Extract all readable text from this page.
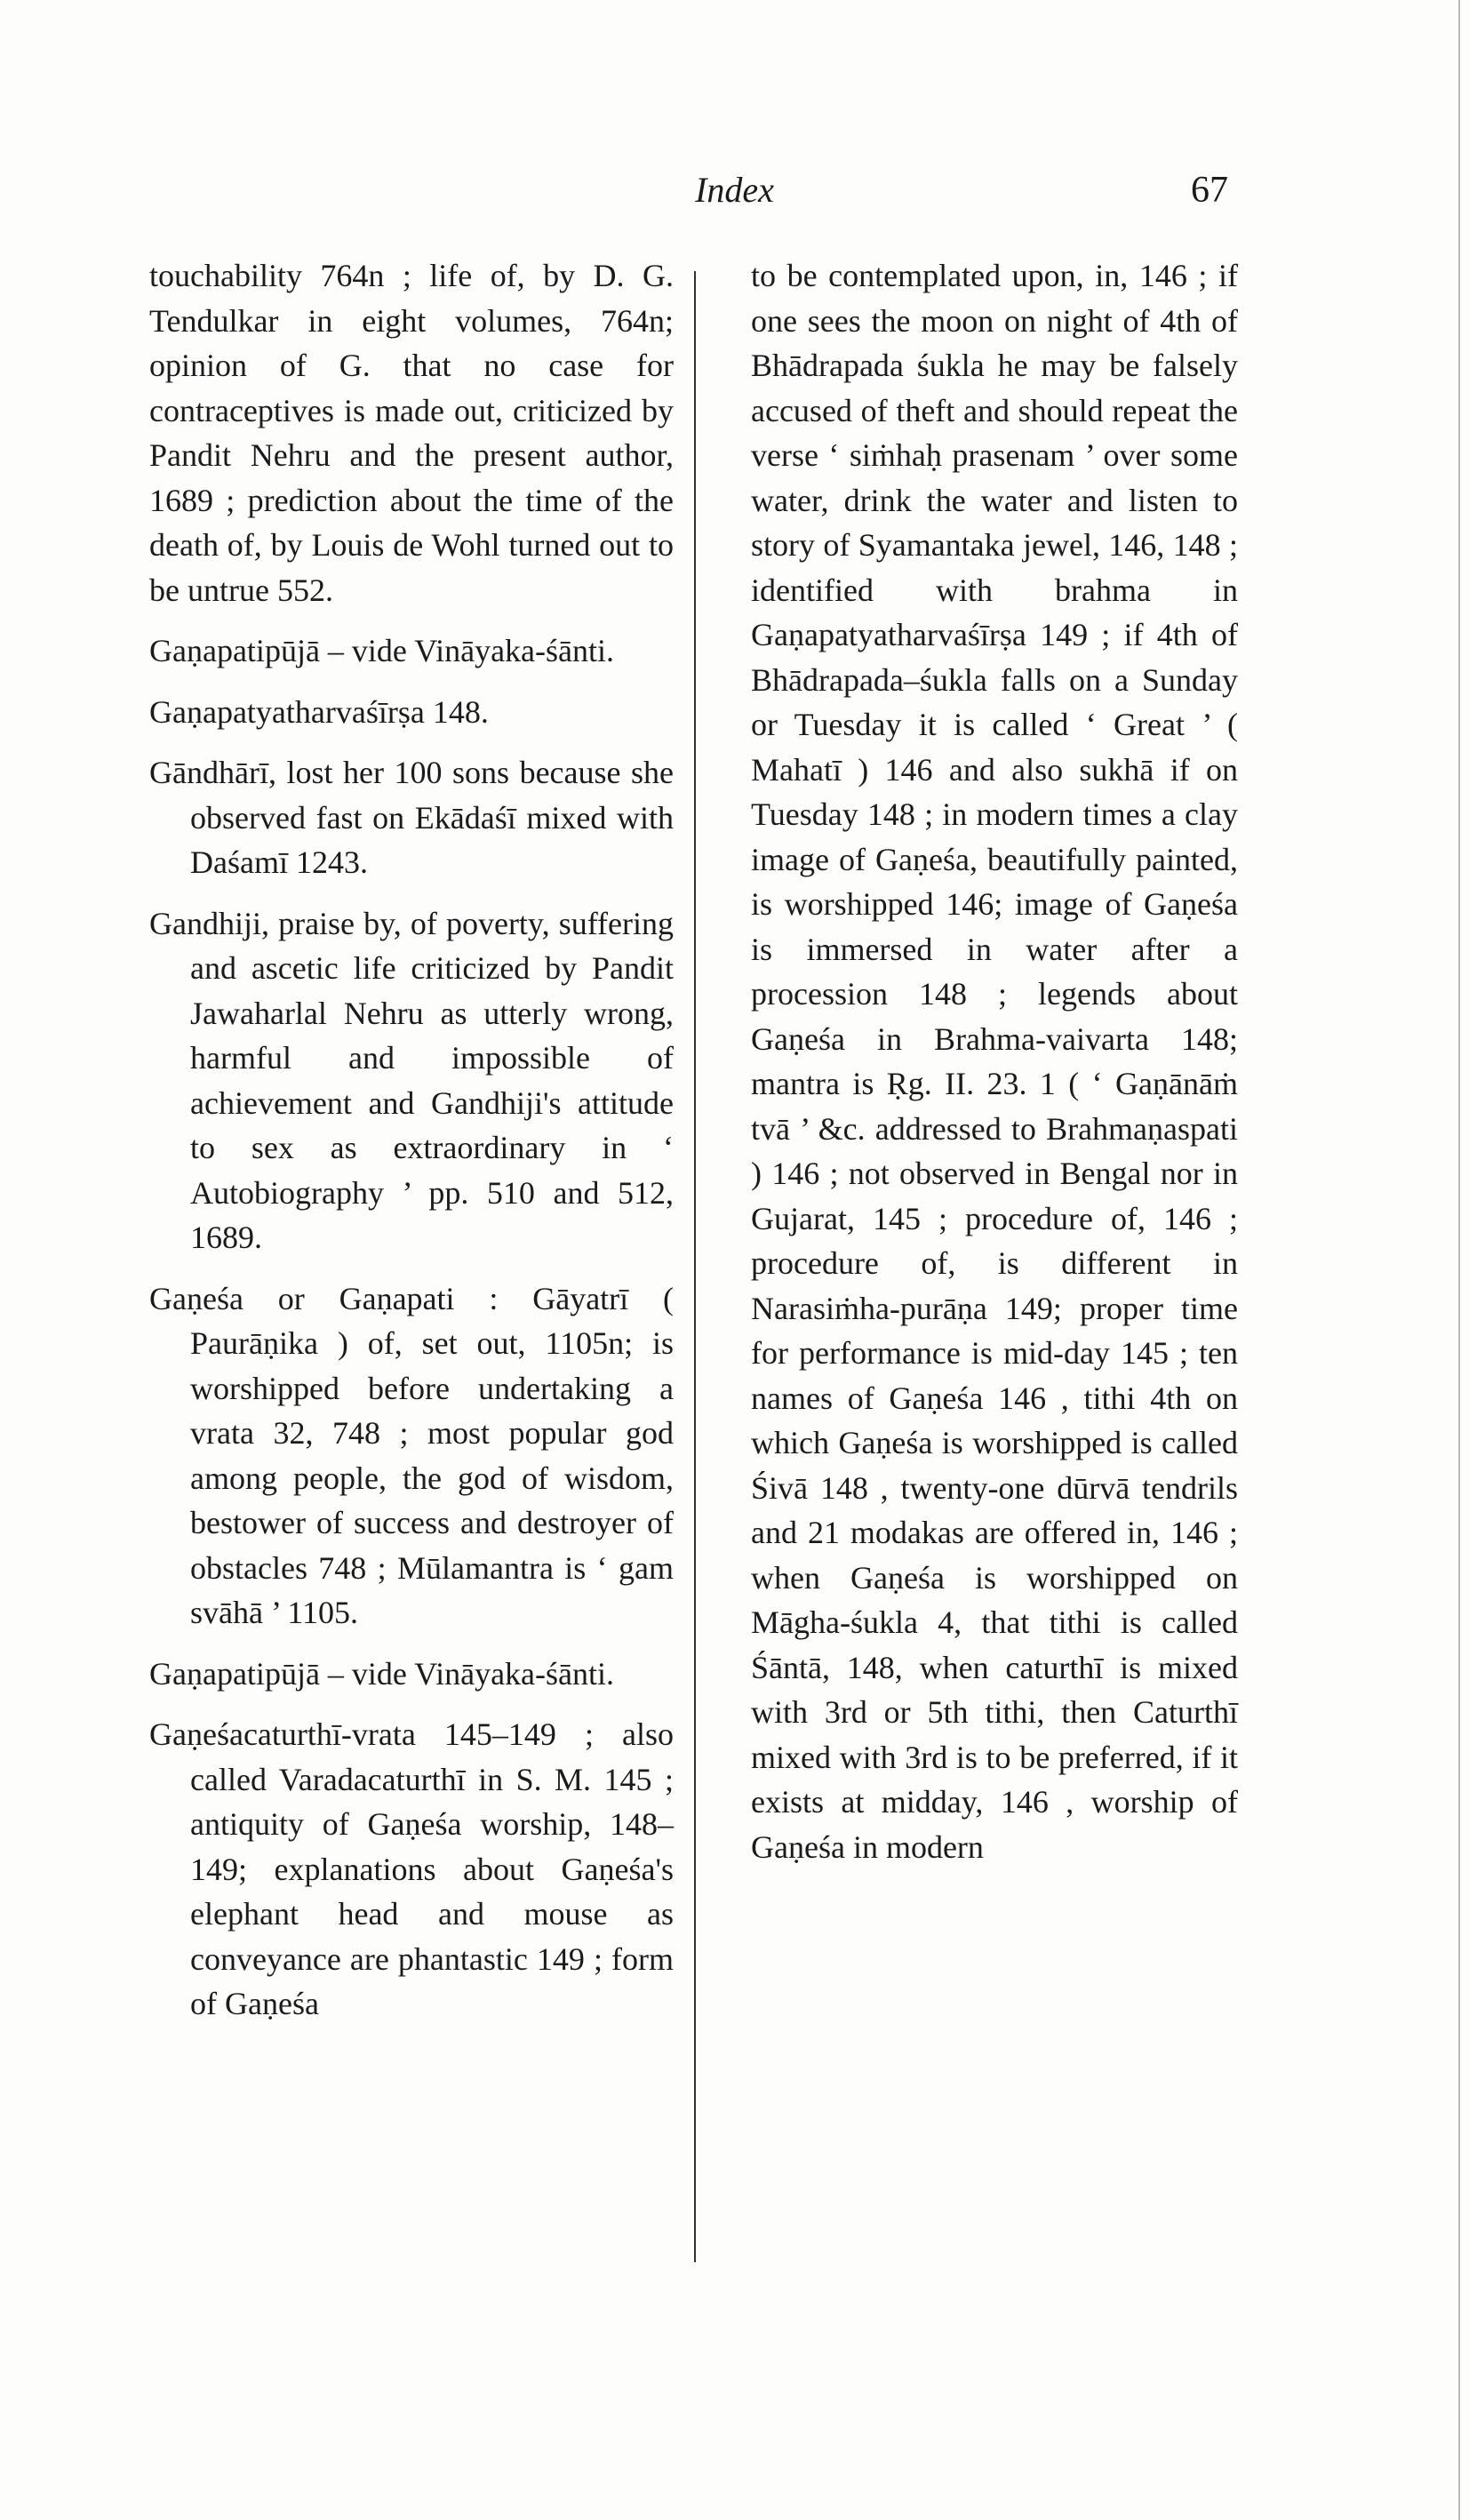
Index	67

touchability 764n ; life of, by D. G. Tendulkar in eight volumes, 764n; opinion of G. that no case for contraceptives is made out, criticized by Pandit Nehru and the present author, 1689 ; prediction about the time of the death of, by Louis de Wohl turned out to be untrue 552.

Gaṇapatipūjā – vide Vināyaka-śānti.

Gaṇapatyatharvaśīrṣa 148.

Gāndhārī, lost her 100 sons because she observed fast on Ekādaśī mixed with Daśamī 1243.

Gandhiji, praise by, of poverty, suffering and ascetic life criticized by Pandit Jawaharlal Nehru as utterly wrong, harmful and impossible of achievement and Gandhiji's attitude to sex as extraordinary in ‘ Autobiography ’ pp. 510 and 512, 1689.

Gaṇeśa or Gaṇapati : Gāyatrī ( Paurāṇika ) of, set out, 1105n; is worshipped before undertaking a vrata 32, 748 ; most popular god among people, the god of wisdom, bestower of success and destroyer of obstacles 748 ; Mūlamantra is ‘ gam svāhā ’ 1105.

Gaṇapatipūjā – vide Vināyaka-śānti.

Gaṇeśacaturthī-vrata 145–149 ; also called Varadacaturthī in S. M. 145 ; antiquity of Gaṇeśa worship, 148–149; explanations about Gaṇeśa's elephant head and mouse as conveyance are phantastic 149 ; form of Gaṇeśa

to be contemplated upon, in, 146 ; if one sees the moon on night of 4th of Bhādrapada śukla he may be falsely accused of theft and should repeat the verse ‘ siṁhaḥ prasenam ’ over some water, drink the water and listen to story of Syamantaka jewel, 146, 148 ; identified with brahma in Gaṇapatyatharvaśīrṣa 149 ; if 4th of Bhādrapada–śukla falls on a Sunday or Tuesday it is called ‘ Great ’ ( Mahatī ) 146 and also sukhā if on Tuesday 148 ; in modern times a clay image of Gaṇeśa, beautifully painted, is worshipped 146; image of Gaṇeśa is immersed in water after a procession 148 ; legends about Gaṇeśa in Brahma-vaivarta 148; mantra is Ṛg. II. 23. 1 ( ‘ Gaṇānāṁ tvā ’ &c. addressed to Brahmaṇaspati ) 146 ; not observed in Bengal nor in Gujarat, 145 ; procedure of, 146 ; procedure of, is different in Narasiṁha-purāṇa 149; proper time for performance is mid-day 145 ; ten names of Gaṇeśa 146 , tithi 4th on which Gaṇeśa is worshipped is called Śivā 148 , twenty-one dūrvā tendrils and 21 modakas are offered in, 146 ; when Gaṇeśa is worshipped on Māgha-śukla 4, that tithi is called Śāntā, 148, when caturthī is mixed with 3rd or 5th tithi, then Caturthī mixed with 3rd is to be preferred, if it exists at midday, 146 , worship of Gaṇeśa in modern
